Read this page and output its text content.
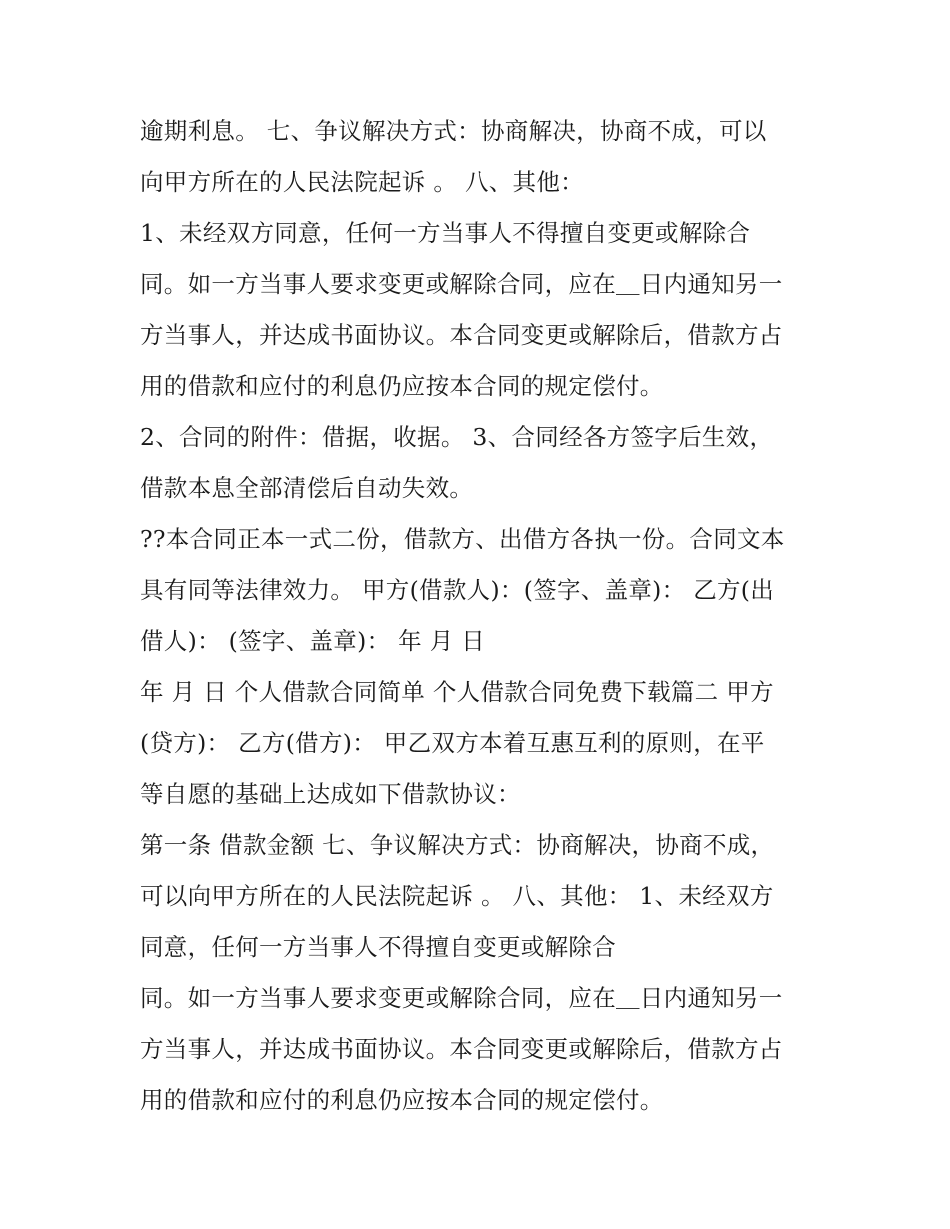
逾期利息。 七、争议解决方式：协商解决，协商不成，可以
向甲方所在的人民法院起诉 。 八、其他：
1、未经双方同意，任何一方当事人不得擅自变更或解除合
同。如一方当事人要求变更或解除合同，应在＿日内通知另一
方当事人，并达成书面协议。本合同变更或解除后，借款方占
用的借款和应付的利息仍应按本合同的规定偿付。
2、合同的附件：借据，收据。 3、合同经各方签字后生效，
借款本息全部清偿后自动失效。
??本合同正本一式二份，借款方、出借方各执一份。合同文本
具有同等法律效力。 甲方(借款人)：(签字、盖章)： 乙方(出
借人)： (签字、盖章)： 年 月 日
年 月 日 个人借款合同简单 个人借款合同免费下载篇二 甲方
(贷方)： 乙方(借方)： 甲乙双方本着互惠互利的原则，在平
等自愿的基础上达成如下借款协议：
第一条 借款金额 七、争议解决方式：协商解决，协商不成，
可以向甲方所在的人民法院起诉 。 八、其他： 1、未经双方
同意，任何一方当事人不得擅自变更或解除合
同。如一方当事人要求变更或解除合同，应在＿日内通知另一
方当事人，并达成书面协议。本合同变更或解除后，借款方占
用的借款和应付的利息仍应按本合同的规定偿付。
